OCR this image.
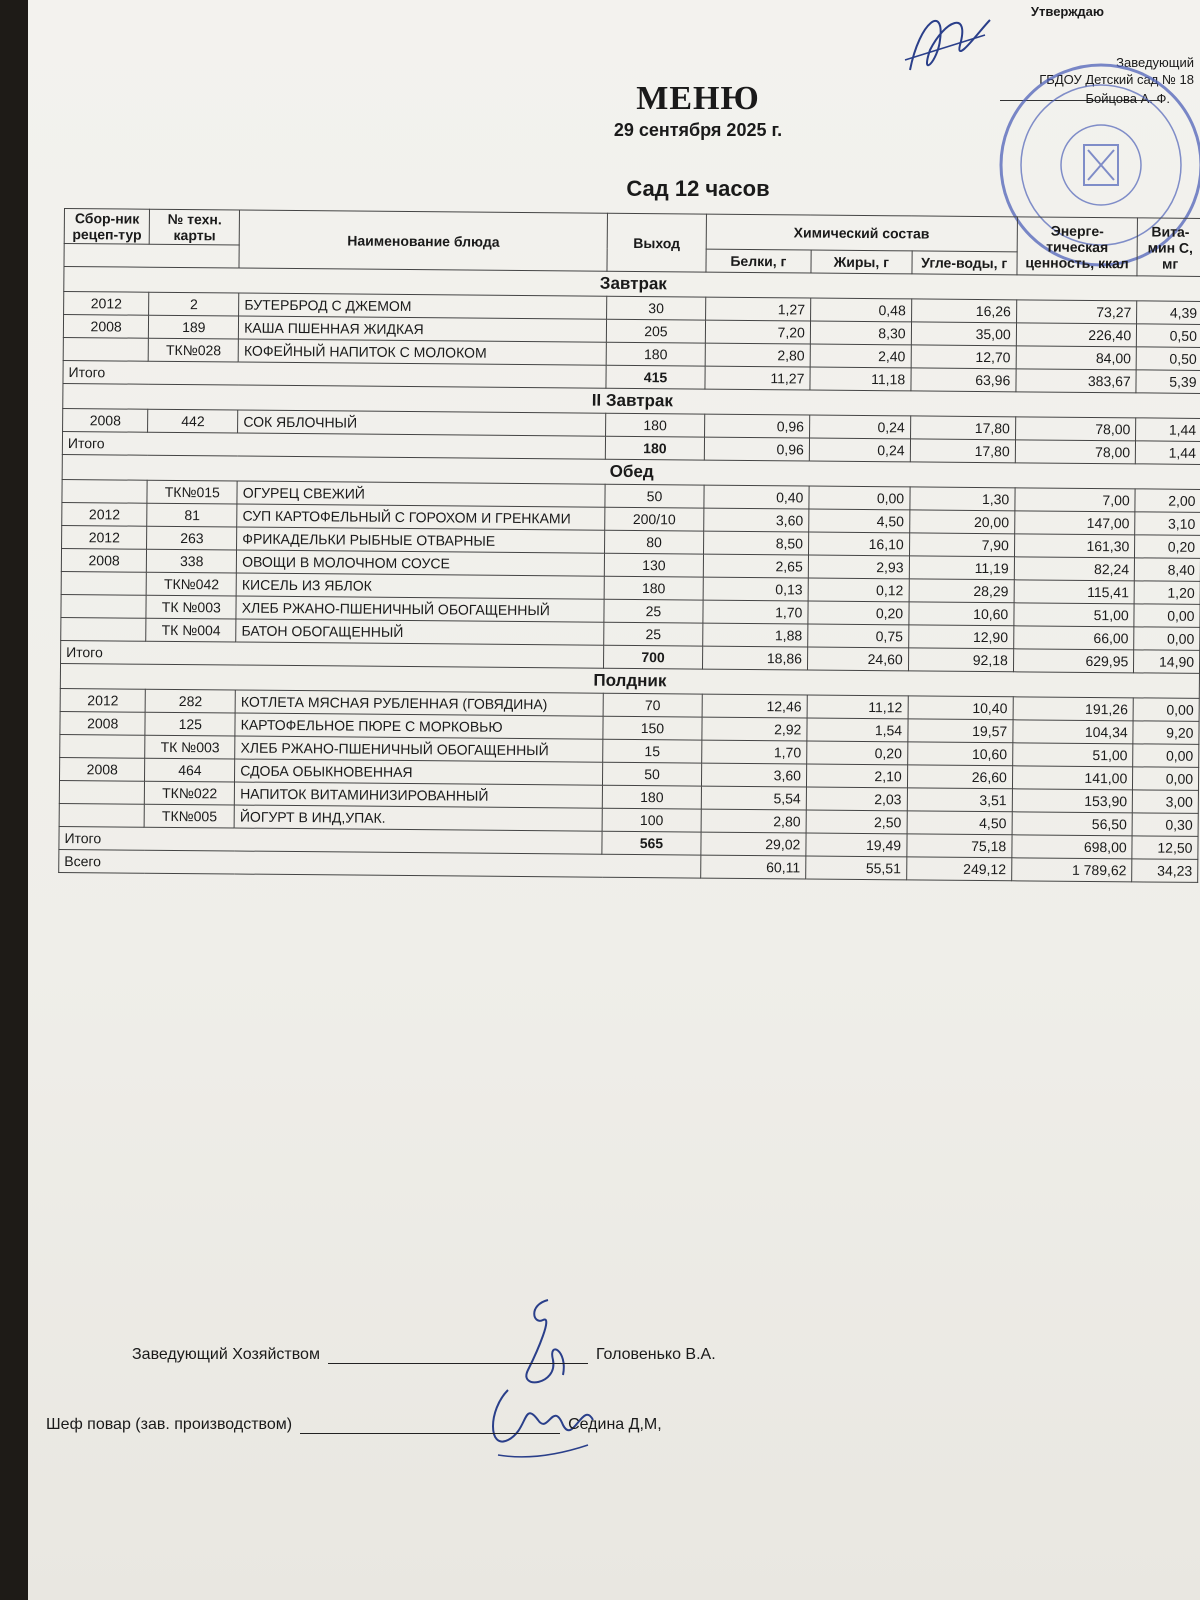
Утверждаю
Заведующий
ГБДОУ Детский сад № 18
Бойцова А. Ф.
МЕНЮ
29 сентября 2025 г.
Сад 12 часов
Сбор-ник рецеп-тур	№ техн. карты	Наименование блюда	Выход	Химический состав			Энерге-тическая ценность, ккал	Вита-мин С, мг
				Белки, г	Жиры, г	Угле-воды, г		
Завтрак								
2012	2	БУТЕРБРОД С ДЖЕМОМ	30	1,27	0,48	16,26	73,27	4,39
2008	189	КАША ПШЕННАЯ ЖИДКАЯ	205	7,20	8,30	35,00	226,40	0,50
	ТК№028	КОФЕЙНЫЙ НАПИТОК С МОЛОКОМ	180	2,80	2,40	12,70	84,00	0,50
Итого			415	11,27	11,18	63,96	383,67	5,39
II Завтрак								
2008	442	СОК ЯБЛОЧНЫЙ	180	0,96	0,24	17,80	78,00	1,44
Итого			180	0,96	0,24	17,80	78,00	1,44
Обед								
	ТК№015	ОГУРЕЦ СВЕЖИЙ	50	0,40	0,00	1,30	7,00	2,00
2012	81	СУП КАРТОФЕЛЬНЫЙ С ГОРОХОМ И ГРЕНКАМИ	200/10	3,60	4,50	20,00	147,00	3,10
2012	263	ФРИКАДЕЛЬКИ РЫБНЫЕ ОТВАРНЫЕ	80	8,50	16,10	7,90	161,30	0,20
2008	338	ОВОЩИ В МОЛОЧНОМ СОУСЕ	130	2,65	2,93	11,19	82,24	8,40
	ТК№042	КИСЕЛЬ ИЗ ЯБЛОК	180	0,13	0,12	28,29	115,41	1,20
	ТК №003	ХЛЕБ РЖАНО-ПШЕНИЧНЫЙ ОБОГАЩЕННЫЙ	25	1,70	0,20	10,60	51,00	0,00
	ТК №004	БАТОН ОБОГАЩЕННЫЙ	25	1,88	0,75	12,90	66,00	0,00
Итого			700	18,86	24,60	92,18	629,95	14,90
Полдник								
2012	282	КОТЛЕТА МЯСНАЯ РУБЛЕННАЯ (ГОВЯДИНА)	70	12,46	11,12	10,40	191,26	0,00
2008	125	КАРТОФЕЛЬНОЕ ПЮРЕ С МОРКОВЬЮ	150	2,92	1,54	19,57	104,34	9,20
	ТК №003	ХЛЕБ РЖАНО-ПШЕНИЧНЫЙ ОБОГАЩЕННЫЙ	15	1,70	0,20	10,60	51,00	0,00
2008	464	СДОБА ОБЫКНОВЕННАЯ	50	3,60	2,10	26,60	141,00	0,00
	ТК№022	НАПИТОК ВИТАМИНИЗИРОВАННЫЙ	180	5,54	2,03	3,51	153,90	3,00
	ТК№005	ЙОГУРТ В ИНД,УПАК.	100	2,80	2,50	4,50	56,50	0,30
Итого			565	29,02	19,49	75,18	698,00	12,50
Всего				60,11	55,51	249,12	1 789,62	34,23
Заведующий Хозяйством	Головенько В.А.
Шеф повар (зав. производством)	Седина Д,М,
